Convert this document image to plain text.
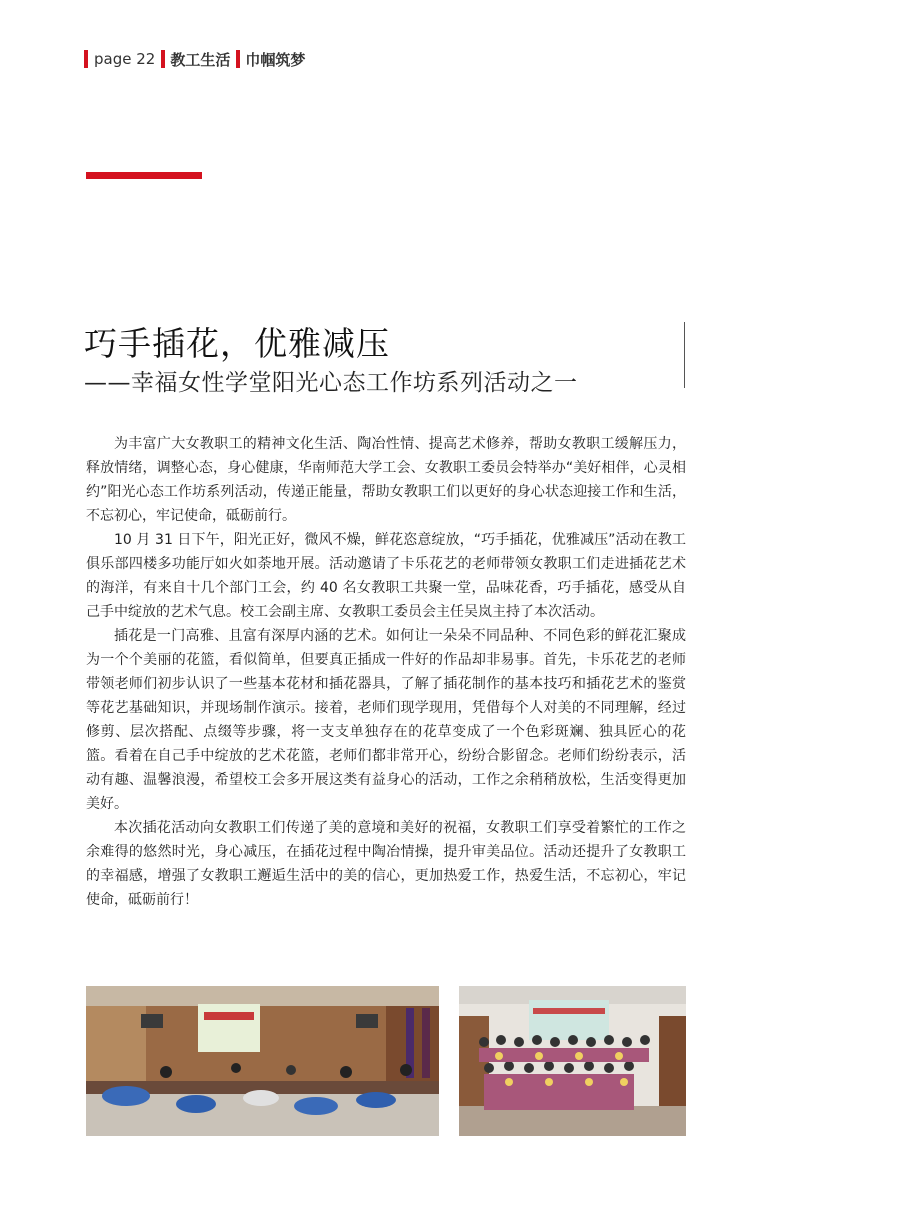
page 22 教工生活 巾帼筑梦
巧手插花，优雅减压
——幸福女性学堂阳光心态工作坊系列活动之一

为丰富广大女教职工的精神文化生活、陶冶性情、提高艺术修养，帮助女教职工缓解压力，释放情绪，调整心态，身心健康，华南师范大学工会、女教职工委员会特举办“美好相伴，心灵相约”阳光心态工作坊系列活动，传递正能量，帮助女教职工们以更好的身心状态迎接工作和生活，不忘初心，牢记使命，砥砺前行。

10 月 31 日下午，阳光正好，微风不燥，鲜花恣意绽放，“巧手插花，优雅减压”活动在教工俱乐部四楼多功能厅如火如荼地开展。活动邀请了卡乐花艺的老师带领女教职工们走进插花艺术的海洋，有来自十几个部门工会，约 40 名女教职工共聚一堂，品味花香，巧手插花，感受从自己手中绽放的艺术气息。校工会副主席、女教职工委员会主任吴岚主持了本次活动。

插花是一门高雅、且富有深厚内涵的艺术。如何让一朵朵不同品种、不同色彩的鲜花汇聚成为一个个美丽的花篮，看似简单，但要真正插成一件好的作品却非易事。首先，卡乐花艺的老师带领老师们初步认识了一些基本花材和插花器具，了解了插花制作的基本技巧和插花艺术的鉴赏等花艺基础知识，并现场制作演示。接着，老师们现学现用，凭借每个人对美的不同理解，经过修剪、层次搭配、点缀等步骤，将一支支单独存在的花草变成了一个色彩斑斓、独具匠心的花篮。看着在自己手中绽放的艺术花篮，老师们都非常开心，纷纷合影留念。老师们纷纷表示，活动有趣、温馨浪漫，希望校工会多开展这类有益身心的活动，工作之余稍稍放松，生活变得更加美好。

本次插花活动向女教职工们传递了美的意境和美好的祝福，女教职工们享受着繁忙的工作之余难得的悠然时光，身心减压，在插花过程中陶冶情操，提升审美品位。活动还提升了女教职工的幸福感，增强了女教职工邂逅生活中的美的信心，更加热爱工作，热爱生活，不忘初心，牢记使命，砥砺前行！
